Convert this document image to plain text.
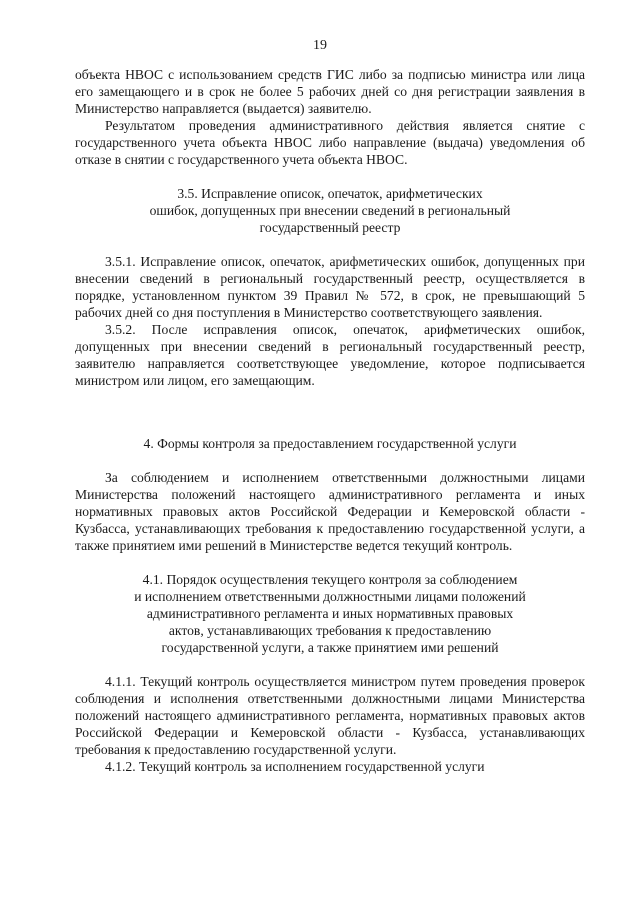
19

объекта НВОС с использованием средств ГИС либо за подписью министра или лица его замещающего и в срок не более 5 рабочих дней со дня регистрации заявления в Министерство направляется (выдается) заявителю.

Результатом проведения административного действия является снятие с государственного учета объекта НВОС либо направление (выдача) уведомления об отказе в снятии с государственного учета объекта НВОС.

3.5. Исправление описок, опечаток, арифметических

ошибок, допущенных при внесении сведений в региональный

государственный реестр

3.5.1. Исправление описок, опечаток, арифметических ошибок, допущенных при внесении сведений в региональный государственный реестр, осуществляется в порядке, установленном пунктом 39 Правил № 572, в срок, не превышающий 5 рабочих дней со дня поступления в Министерство соответствующего заявления.

3.5.2. После исправления описок, опечаток, арифметических ошибок, допущенных при внесении сведений в региональный государственный реестр, заявителю направляется соответствующее уведомление, которое подписывается министром или лицом, его замещающим.

4. Формы контроля за предоставлением государственной услуги

За соблюдением и исполнением ответственными должностными лицами Министерства положений настоящего административного регламента и иных нормативных правовых актов Российской Федерации и Кемеровской области - Кузбасса, устанавливающих требования к предоставлению государственной услуги, а также принятием ими решений в Министерстве ведется текущий контроль.

4.1. Порядок осуществления текущего контроля за соблюдением

и исполнением ответственными должностными лицами положений

административного регламента и иных нормативных правовых

актов, устанавливающих требования к предоставлению

государственной услуги, а также принятием ими решений

4.1.1. Текущий контроль осуществляется министром путем проведения проверок соблюдения и исполнения ответственными должностными лицами Министерства положений настоящего административного регламента, нормативных правовых актов Российской Федерации и Кемеровской области - Кузбасса, устанавливающих требования к предоставлению государственной услуги.

4.1.2. Текущий контроль за исполнением государственной услуги
